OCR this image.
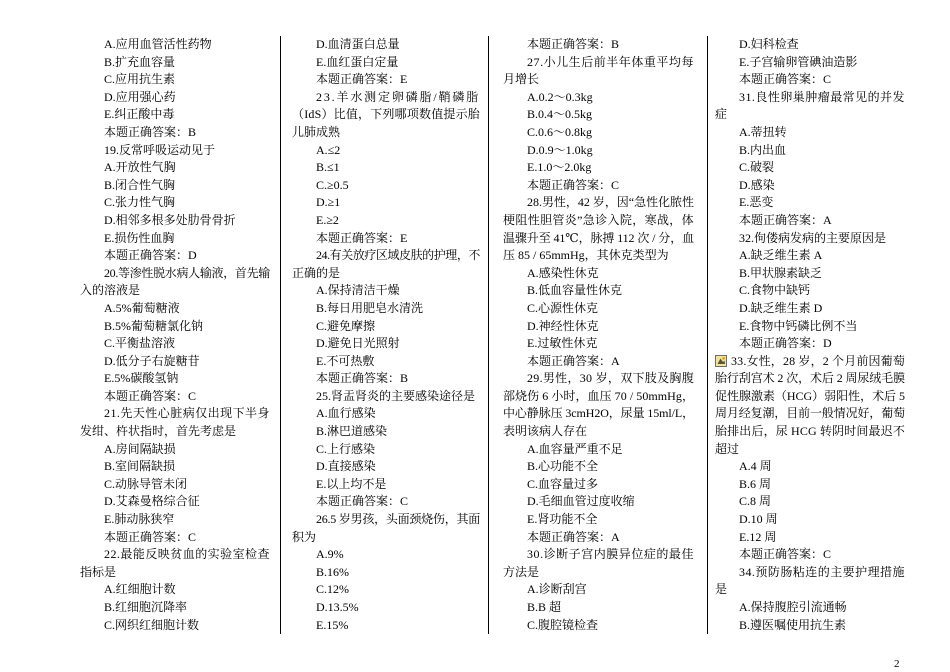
2
A.应用血管活性药物
B.扩充血容量
C.应用抗生素
D.应用强心药
E.纠正酸中毒
本题正确答案：B
19.反常呼吸运动见于
A.开放性气胸
B.闭合性气胸
C.张力性气胸
D.相邻多根多处肋骨骨折
E.损伤性血胸
本题正确答案：D
20.等渗性脱水病人输液，首先输
入的溶液是
A.5%葡萄糖液
B.5%葡萄糖氯化钠
C.平衡盐溶液
D.低分子右旋糖苷
E.5%碳酸氢钠
本题正确答案：C
21.先天性心脏病仅出现下半身
发绀、杵状指时，首先考虑是
A.房间隔缺损
B.室间隔缺损
C.动脉导管未闭
D.艾森曼格综合征
E.肺动脉狭窄
本题正确答案：C
22.最能反映贫血的实验室检查
指标是
A.红细胞计数
B.红细胞沉降率
C.网织红细胞计数
D.血清蛋白总量
E.血红蛋白定量
本题正确答案：E
23.羊水测定卵磷脂/鞘磷脂
（IdS）比值，下列哪项数值提示胎
儿肺成熟
A.≤2
B.≤1
C.≥0.5
D.≥1
E.≥2
本题正确答案：E
24.有关放疗区域皮肤的护理，不
正确的是
A.保持清洁干燥
B.每日用肥皂水清洗
C.避免摩擦
D.避免日光照射
E.不可热敷
本题正确答案：B
25.肾盂肾炎的主要感染途径是
A.血行感染
B.淋巴道感染
C.上行感染
D.直接感染
E.以上均不是
本题正确答案：C
26.5 岁男孩，头面颈烧伤，其面
积为
A.9%
B.16%
C.12%
D.13.5%
E.15%
本题正确答案：B
27.小儿生后前半年体重平均每
月增长
A.0.2～0.3kg
B.0.4～0.5kg
C.0.6～0.8kg
D.0.9～1.0kg
E.1.0～2.0kg
本题正确答案：C
28.男性，42 岁，因“急性化脓性
梗阻性胆管炎”急诊入院，寒战，体
温骤升至 41℃，脉搏 112 次 / 分，血
压 85 / 65mmHg，其休克类型为
A.感染性休克
B.低血容量性休克
C.心源性休克
D.神经性休克
E.过敏性休克
本题正确答案：A
29.男性，30 岁，双下肢及胸腹
部烧伤 6 小时，血压 70 / 50mmHg，
中心静脉压 3cmH2O，尿量 15ml/L，
表明该病人存在
A.血容量严重不足
B.心功能不全
C.血容量过多
D.毛细血管过度收缩
E.肾功能不全
本题正确答案：A
30.诊断子宫内膜异位症的最佳
方法是
A.诊断刮宫
B.B 超
C.腹腔镜检查
D.妇科检查
E.子宫输卵管碘油造影
本题正确答案：C
31.良性卵巢肿瘤最常见的并发
症
A.蒂扭转
B.内出血
C.破裂
D.感染
E.恶变
本题正确答案：A
32.佝偻病发病的主要原因是
A.缺乏维生素 A
B.甲状腺素缺乏
C.食物中缺钙
D.缺乏维生素 D
E.食物中钙磷比例不当
本题正确答案：D
33.女性，28 岁，2 个月前因葡萄
胎行刮宫术 2 次，术后 2 周尿绒毛膜
促性腺激素（HCG）弱阳性，术后 5
周月经复潮，目前一般情况好，葡萄
胎排出后，尿 HCG 转阴时间最迟不
超过
A.4 周
B.6 周
C.8 周
D.10 周
E.12 周
本题正确答案：C
34.预防肠粘连的主要护理措施
是
A.保持腹腔引流通畅
B.遵医嘱使用抗生素
